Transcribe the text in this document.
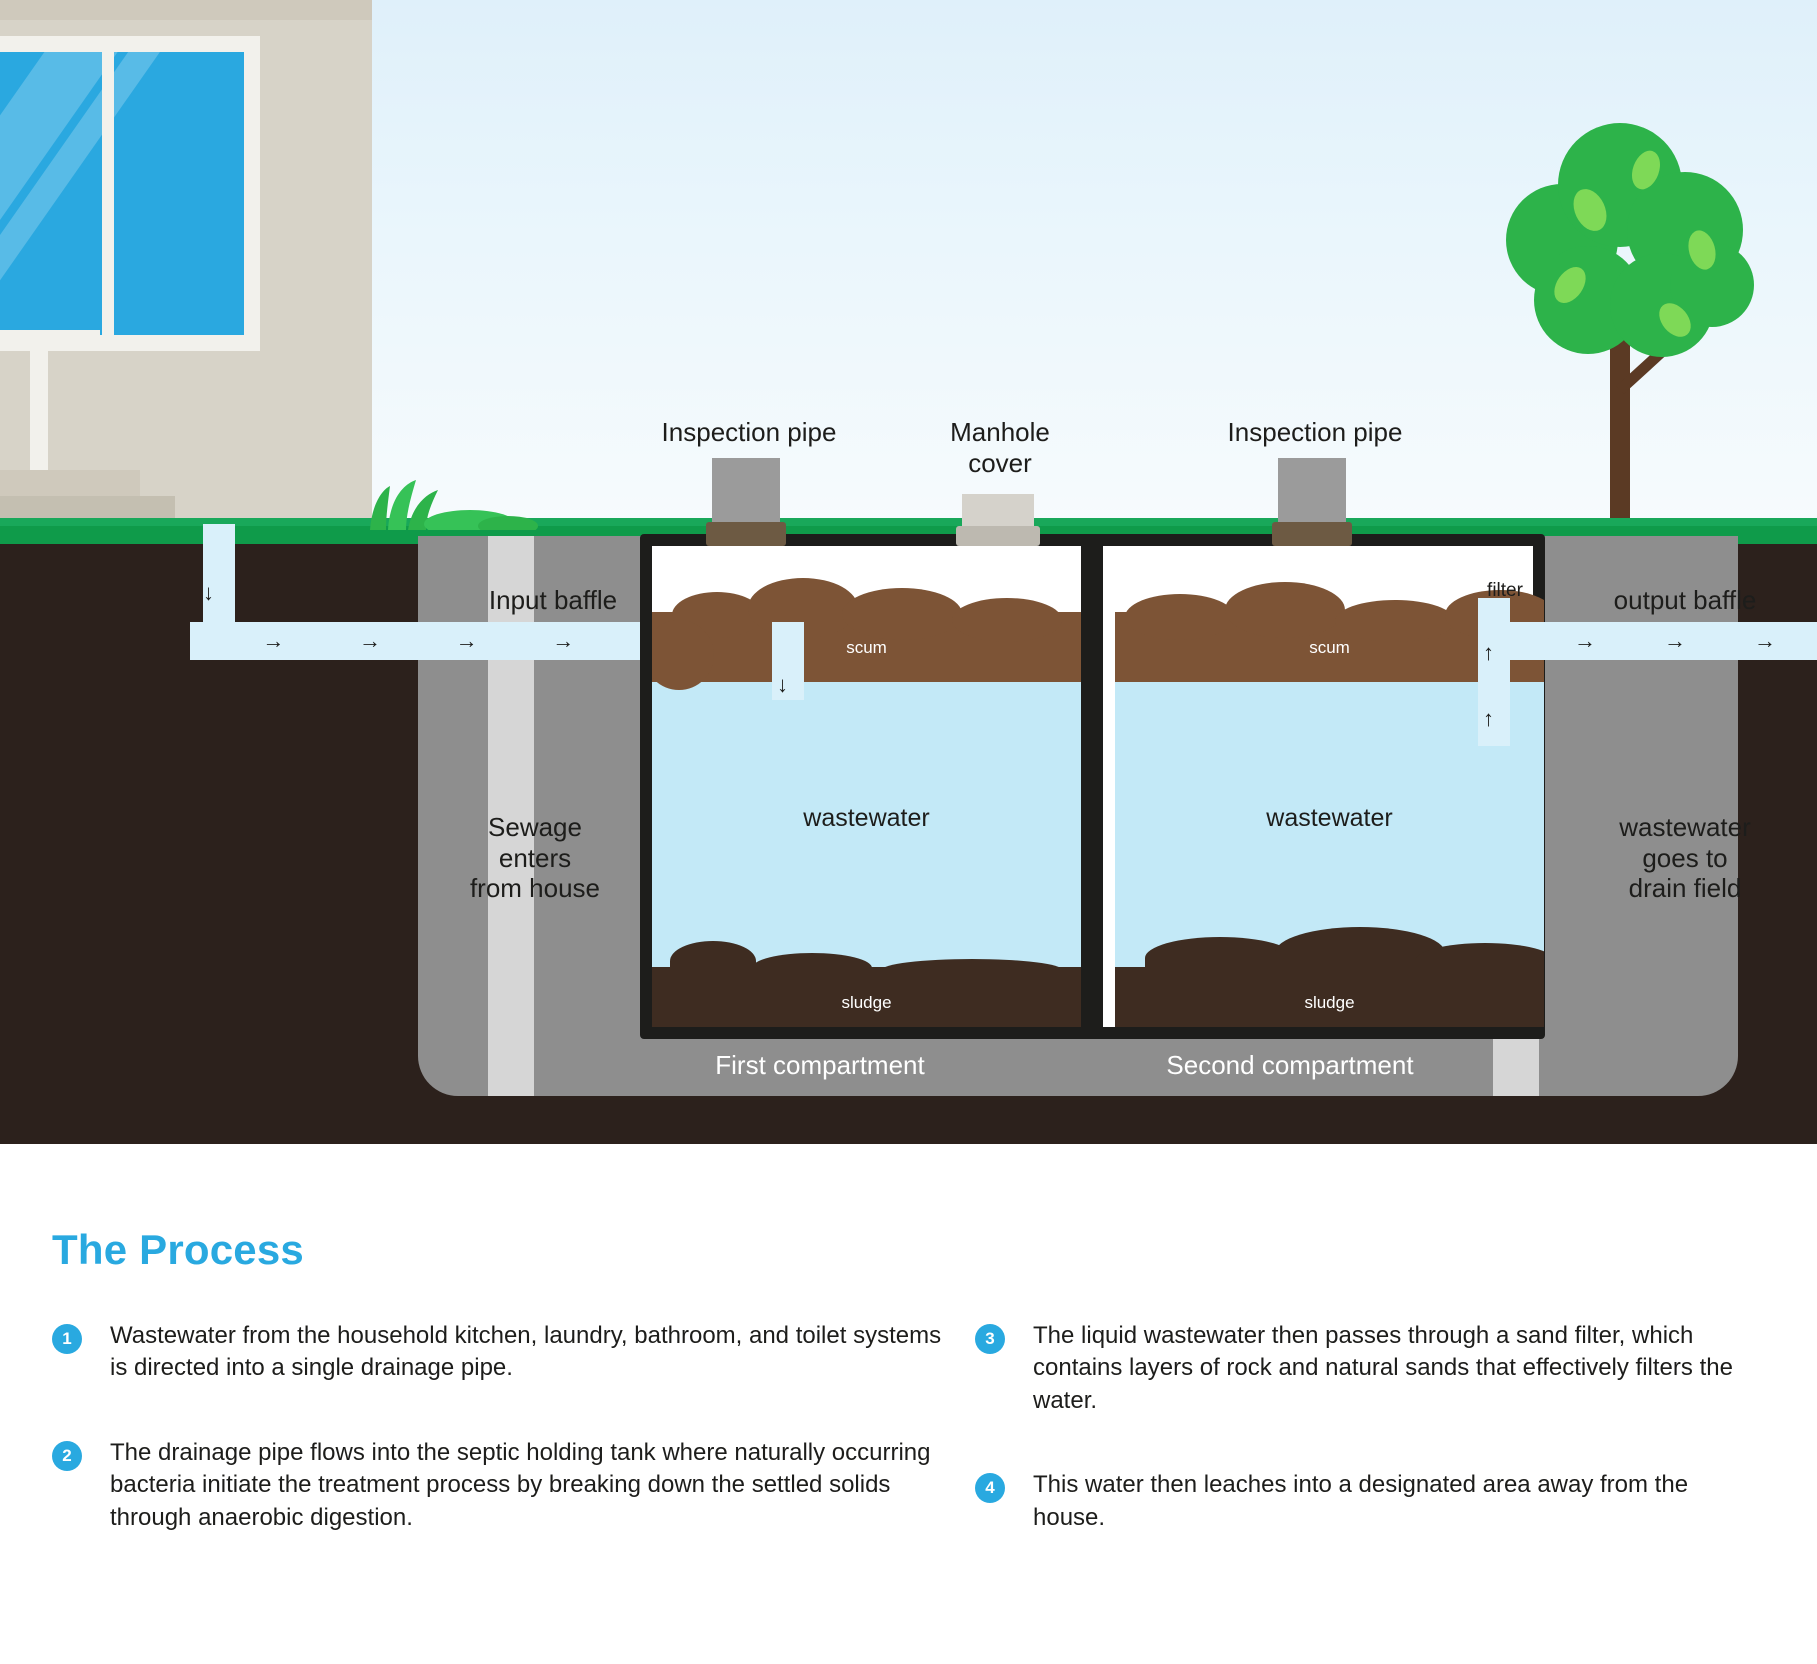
↓
→	→	→	→	scum
wastewater
sludge
scum
wastewater
sludge
↓
↑
↑
→	→	→
filter
Inspection pipe	Manhole
cover
Inspection pipe
Input baffle	output baffle
Sewage
enters
from house
wastewater
goes to
drain field
First compartment	Second compartment
The Process
1	Wastewater from the household kitchen, laundry, bathroom, and toilet systems is directed into a single drainage pipe.

2	The drainage pipe flows into the septic holding tank where naturally occurring bacteria initiate the treatment process by breaking down the settled solids through anaerobic digestion.

3	The liquid wastewater then passes through a sand filter, which contains layers of rock and natural sands that effectively filters the water.

4	This water then leaches into a designated area away from the house.
